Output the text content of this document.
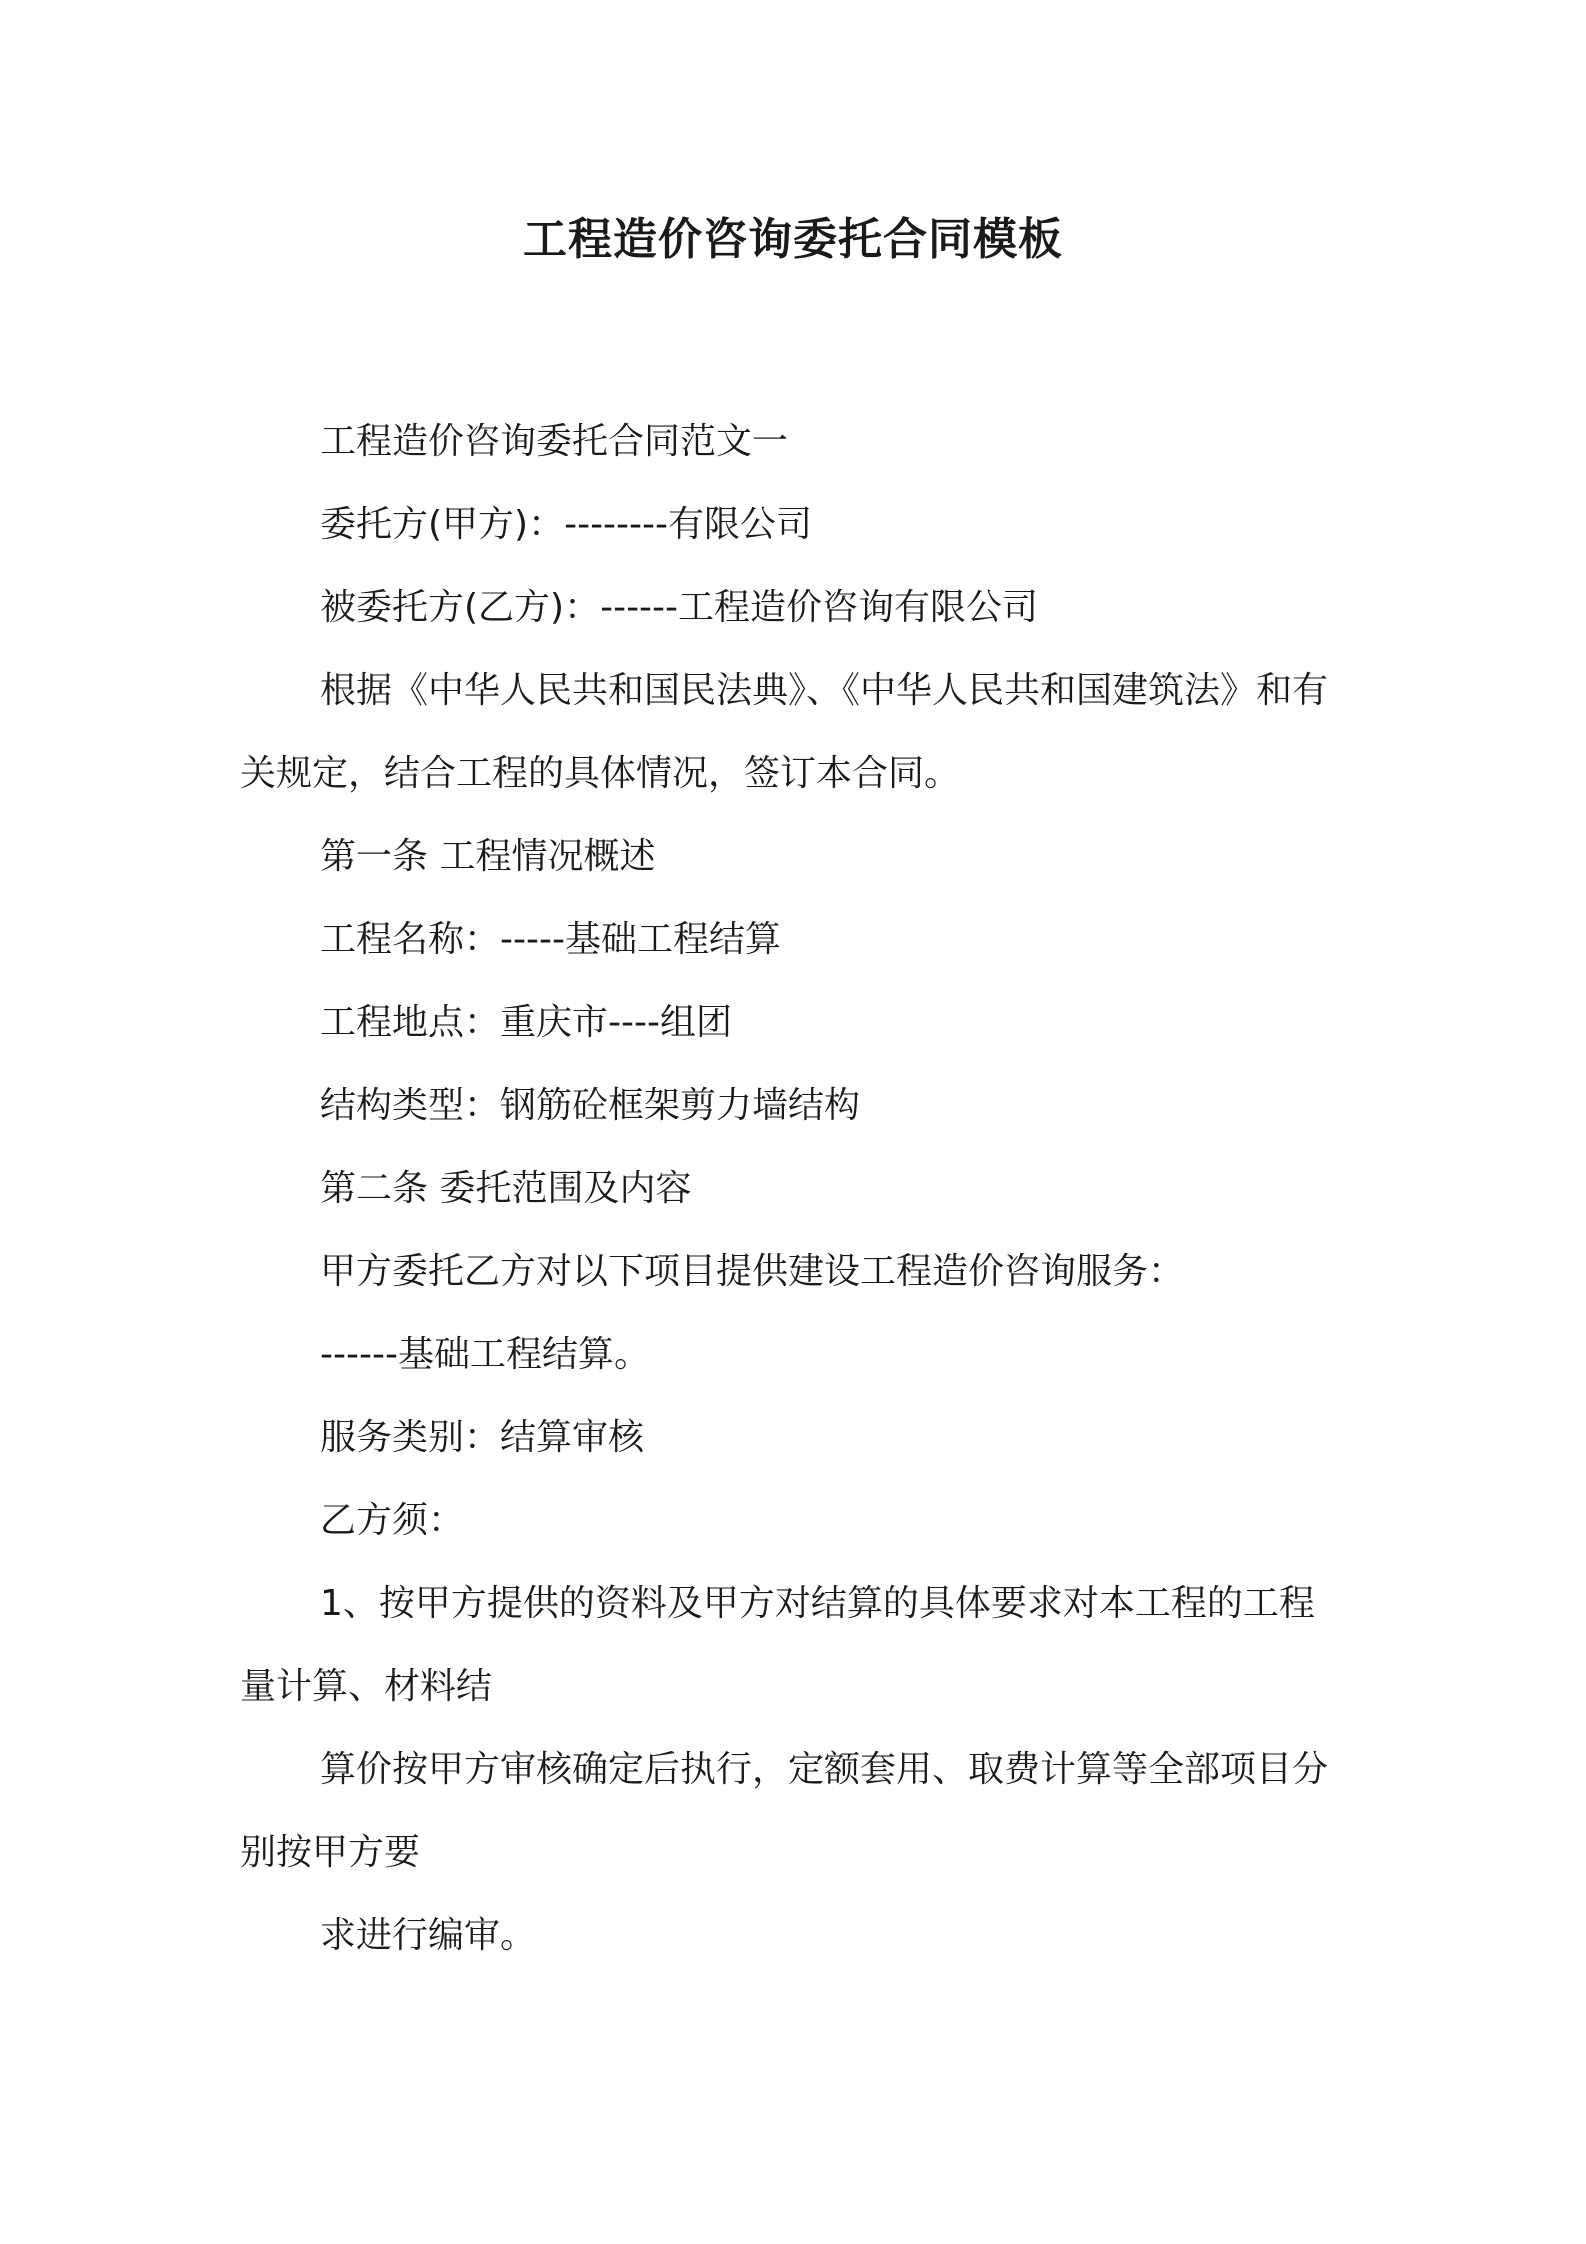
工程造价咨询委托合同模板

工程造价咨询委托合同范文一

委托方(甲方)：--------有限公司

被委托方(乙方)：------工程造价咨询有限公司

根据《中华人民共和国民法典》、《中华人民共和国建筑法》和有关规定，结合工程的具体情况，签订本合同。

第一条 工程情况概述

工程名称：-----基础工程结算

工程地点：重庆市----组团

结构类型：钢筋砼框架剪力墙结构

第二条 委托范围及内容

甲方委托乙方对以下项目提供建设工程造价咨询服务：

------基础工程结算。

服务类别：结算审核

乙方须：

1、按甲方提供的资料及甲方对结算的具体要求对本工程的工程量计算、材料结

算价按甲方审核确定后执行，定额套用、取费计算等全部项目分别按甲方要

求进行编审。
